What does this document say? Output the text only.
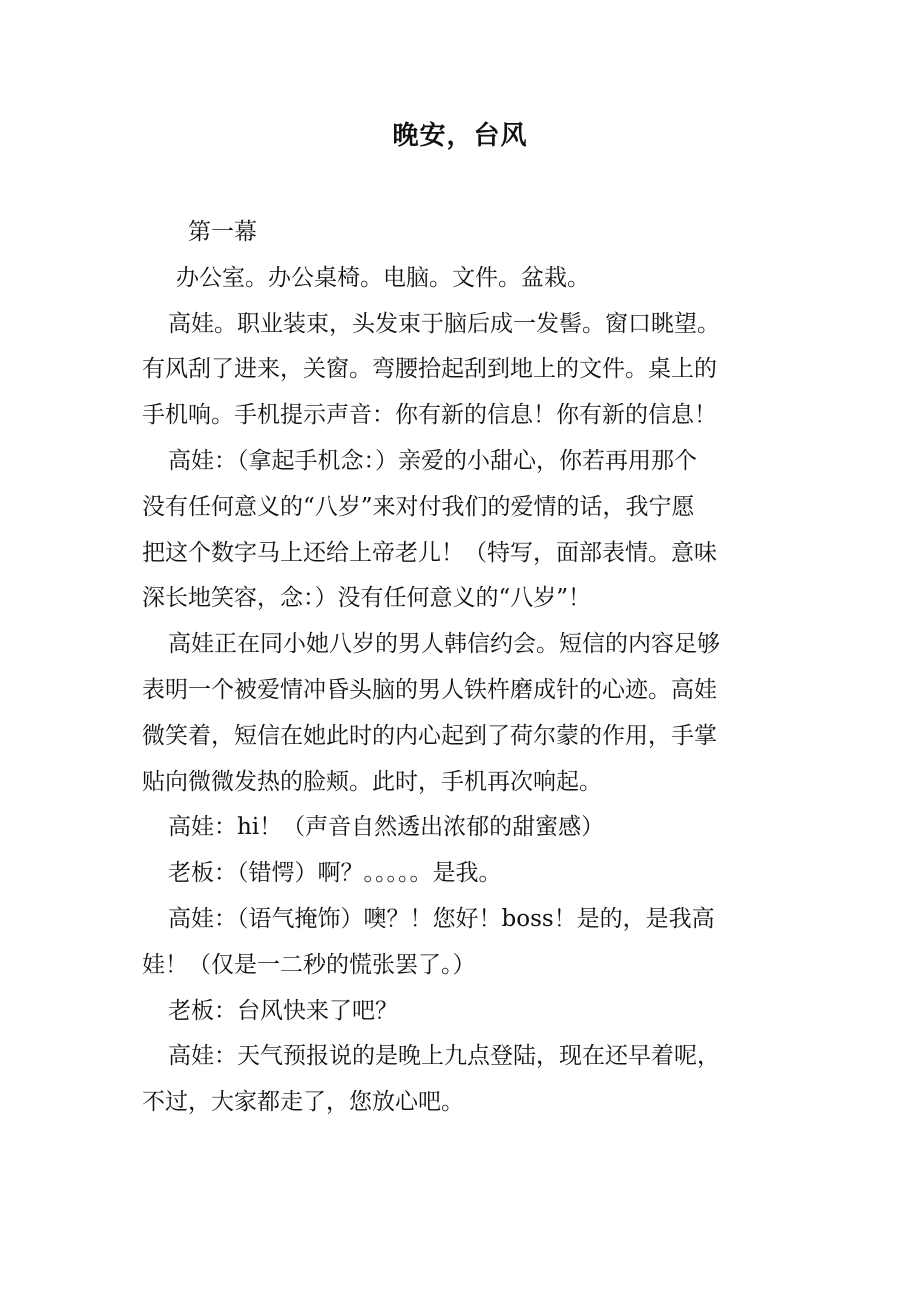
晚安，台风

第一幕

办公室。办公桌椅。电脑。文件。盆栽。

高娃。职业装束，头发束于脑后成一发髻。窗口眺望。

有风刮了进来，关窗。弯腰拾起刮到地上的文件。桌上的

手机响。手机提示声音：你有新的信息！你有新的信息！

高娃：（拿起手机念：）亲爱的小甜心，你若再用那个

没有任何意义的“八岁”来对付我们的爱情的话，我宁愿

把这个数字马上还给上帝老儿！（特写，面部表情。意味

深长地笑容，念：）没有任何意义的“八岁”！

高娃正在同小她八岁的男人韩信约会。短信的内容足够

表明一个被爱情冲昏头脑的男人铁杵磨成针的心迹。高娃

微笑着，短信在她此时的内心起到了荷尔蒙的作用，手掌

贴向微微发热的脸颊。此时，手机再次响起。

高娃：hi！（声音自然透出浓郁的甜蜜感）

老板：（错愕）啊？。。。。。是我。

高娃：（语气掩饰）噢？！您好！boss！是的，是我高

娃！（仅是一二秒的慌张罢了。）

老板：台风快来了吧？

高娃：天气预报说的是晚上九点登陆，现在还早着呢，

不过，大家都走了，您放心吧。
